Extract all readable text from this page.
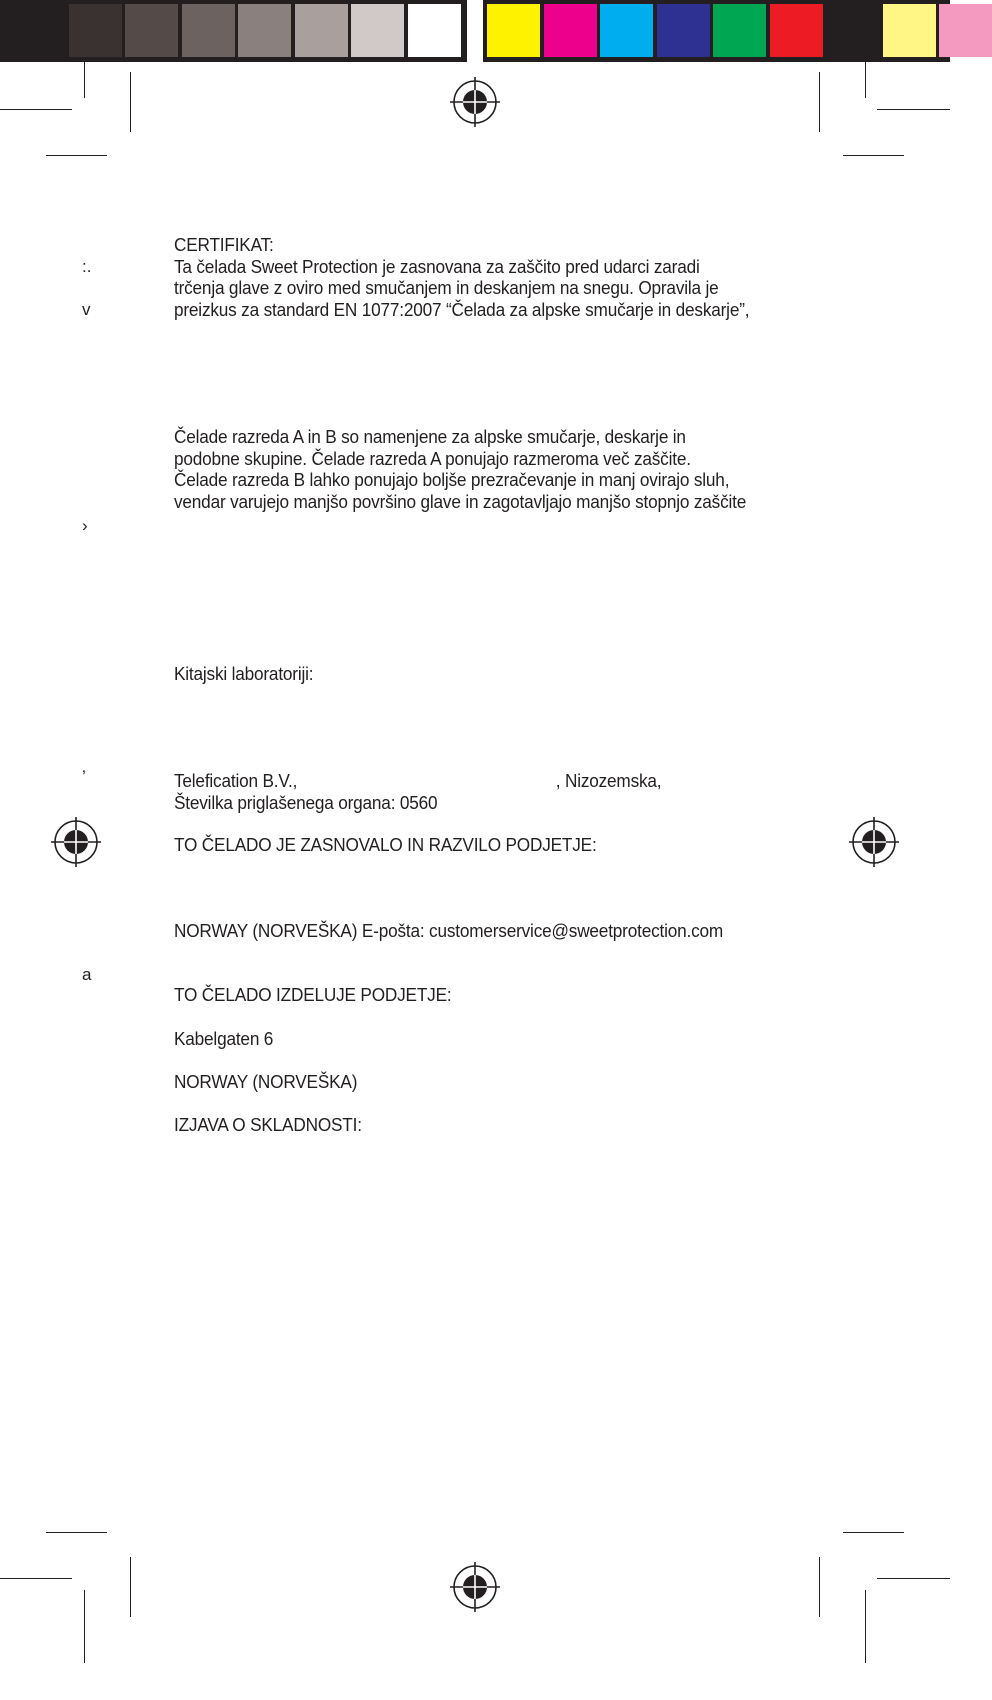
:.
v
›
‚
a

CERTIFIKAT:

Ta čelada Sweet Protection je zasnovana za zaščito pred udarci zaradi

trčenja glave z oviro med smučanjem in deskanjem na snegu. Opravila je

preizkus za standard EN 1077:2007 “Čelada za alpske smučarje in deskarje”,

Čelade razreda A in B so namenjene za alpske smučarje, deskarje in

podobne skupine. Čelade razreda A ponujajo razmeroma več zaščite.

Čelade razreda B lahko ponujajo boljše prezračevanje in manj ovirajo sluh,

vendar varujejo manjšo površino glave in zagotavljajo manjšo stopnjo zaščite

Kitajski laboratoriji:

Telefication B.V.,	, Nizozemska,

Številka priglašenega organa: 0560

TO ČELADO JE ZASNOVALO IN RAZVILO PODJETJE:

NORWAY (NORVEŠKA) E-pošta: customerservice@sweetprotection.com

TO ČELADO IZDELUJE PODJETJE:

Kabelgaten 6

NORWAY (NORVEŠKA)

IZJAVA O SKLADNOSTI:
